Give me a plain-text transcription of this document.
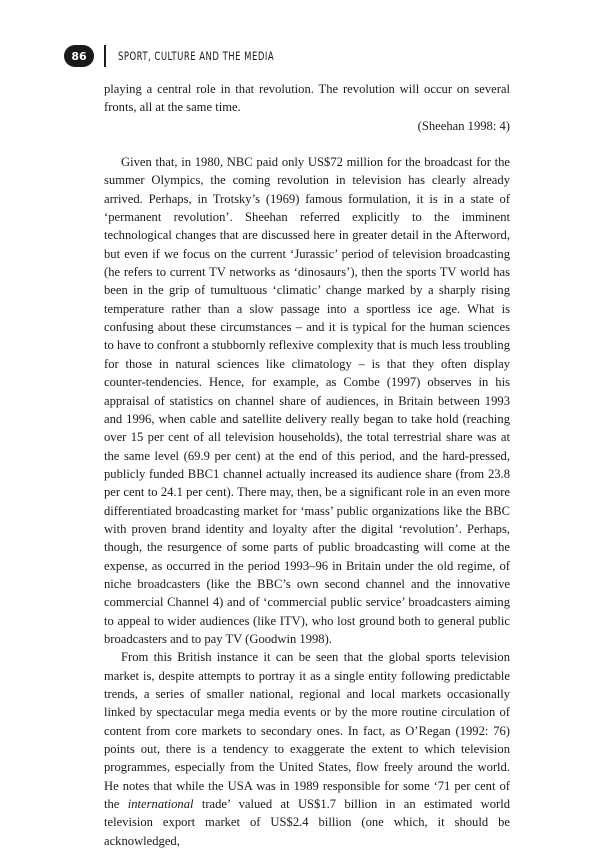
86	SPORT, CULTURE AND THE MEDIA

playing a central role in that revolution. The revolution will occur on several fronts, all at the same time.

(Sheehan 1998: 4)

Given that, in 1980, NBC paid only US$72 million for the broadcast for the summer Olympics, the coming revolution in television has clearly already arrived. Perhaps, in Trotsky’s (1969) famous formulation, it is in a state of ‘permanent revolution’. Sheehan referred explicitly to the imminent technological changes that are discussed here in greater detail in the Afterword, but even if we focus on the current ‘Jurassic’ period of television broadcasting (he refers to current TV networks as ‘dinosaurs’), then the sports TV world has been in the grip of tumultuous ‘climatic’ change marked by a sharply rising temperature rather than a slow passage into a sportless ice age. What is confusing about these circumstances – and it is typical for the human sciences to have to confront a stubbornly reflexive complexity that is much less troubling for those in natural sciences like climatology – is that they often display counter-tendencies. Hence, for example, as Combe (1997) observes in his appraisal of statistics on channel share of audiences, in Britain between 1993 and 1996, when cable and satellite delivery really began to take hold (reaching over 15 per cent of all television households), the total terrestrial share was at the same level (69.9 per cent) at the end of this period, and the hard-pressed, publicly funded BBC1 channel actually increased its audience share (from 23.8 per cent to 24.1 per cent). There may, then, be a significant role in an even more differentiated broadcasting market for ‘mass’ public organizations like the BBC with proven brand identity and loyalty after the digital ‘revolution’. Perhaps, though, the resurgence of some parts of public broadcasting will come at the expense, as occurred in the period 1993–96 in Britain under the old regime, of niche broadcasters (like the BBC’s own second channel and the innovative commercial Channel 4) and of ‘commercial public service’ broadcasters aiming to appeal to wider audiences (like ITV), who lost ground both to general public broadcasters and to pay TV (Goodwin 1998).

From this British instance it can be seen that the global sports television market is, despite attempts to portray it as a single entity following predictable trends, a series of smaller national, regional and local markets occasionally linked by spectacular mega media events or by the more routine circulation of content from core markets to secondary ones. In fact, as O’Regan (1992: 76) points out, there is a tendency to exaggerate the extent to which television programmes, especially from the United States, flow freely around the world. He notes that while the USA was in 1989 responsible for some ‘71 per cent of the international trade’ valued at US$1.7 billion in an estimated world television export market of US$2.4 billion (one which, it should be acknowledged,
